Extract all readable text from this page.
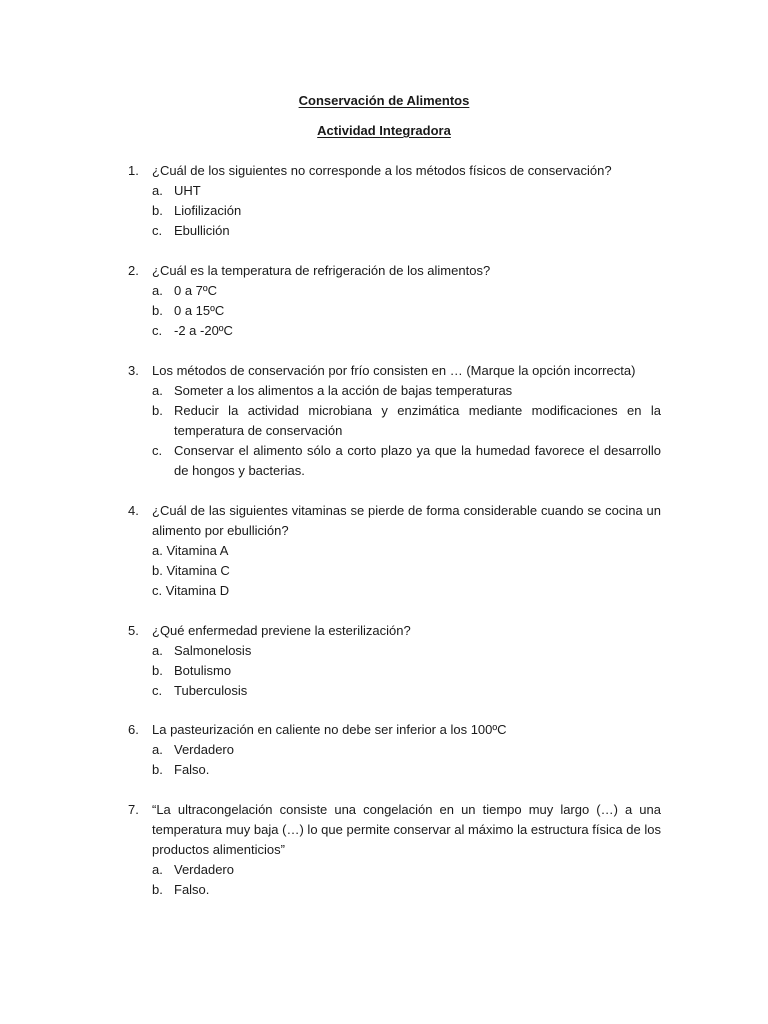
Conservación de Alimentos
Actividad Integradora
1.	¿Cuál de los siguientes no corresponde a los métodos físicos de conservación?
a. UHT
b. Liofilización
c. Ebullición
2.	¿Cuál es la temperatura de refrigeración de los alimentos?
a. 0 a 7ºC
b. 0 a 15ºC
c. -2 a -20ºC
3.	Los métodos de conservación por frío consisten en … (Marque la opción incorrecta)
a. Someter a los alimentos a la acción de bajas temperaturas
b. Reducir la actividad microbiana y enzimática mediante modificaciones en la temperatura de conservación
c. Conservar el alimento sólo a corto plazo ya que la humedad favorece el desarrollo de hongos y bacterias.
4.	¿Cuál de las siguientes vitaminas se pierde de forma considerable cuando se cocina un alimento por ebullición?
a. Vitamina A
b. Vitamina C
c. Vitamina D
5.	¿Qué enfermedad previene la esterilización?
a. Salmonelosis
b. Botulismo
c. Tuberculosis
6.	La pasteurización en caliente no debe ser inferior a los 100ºC
a. Verdadero
b. Falso.
7.	“La ultracongelación consiste una congelación en un tiempo muy largo (…) a una temperatura muy baja (…) lo que permite conservar al máximo la estructura física de los productos alimenticios”
a. Verdadero
b. Falso.
